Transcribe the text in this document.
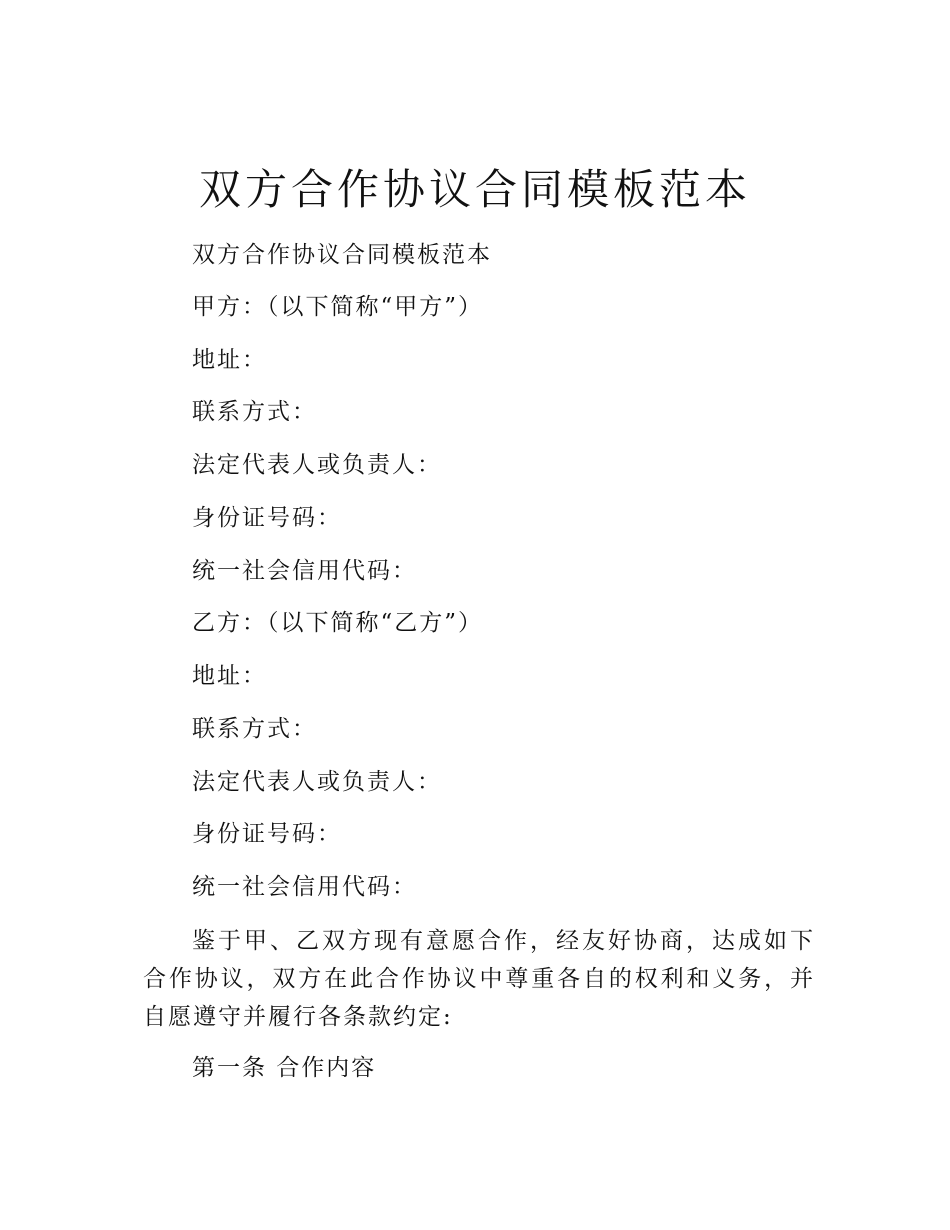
双方合作协议合同模板范本

双方合作协议合同模板范本

甲方：（以下简称“甲方”）

地址：

联系方式：

法定代表人或负责人：

身份证号码：

统一社会信用代码：

乙方：（以下简称“乙方”）

地址：

联系方式：

法定代表人或负责人：

身份证号码：

统一社会信用代码：

鉴于甲、乙双方现有意愿合作，经友好协商，达成如下合作协议，双方在此合作协议中尊重各自的权利和义务，并自愿遵守并履行各条款约定:

第一条 合作内容
